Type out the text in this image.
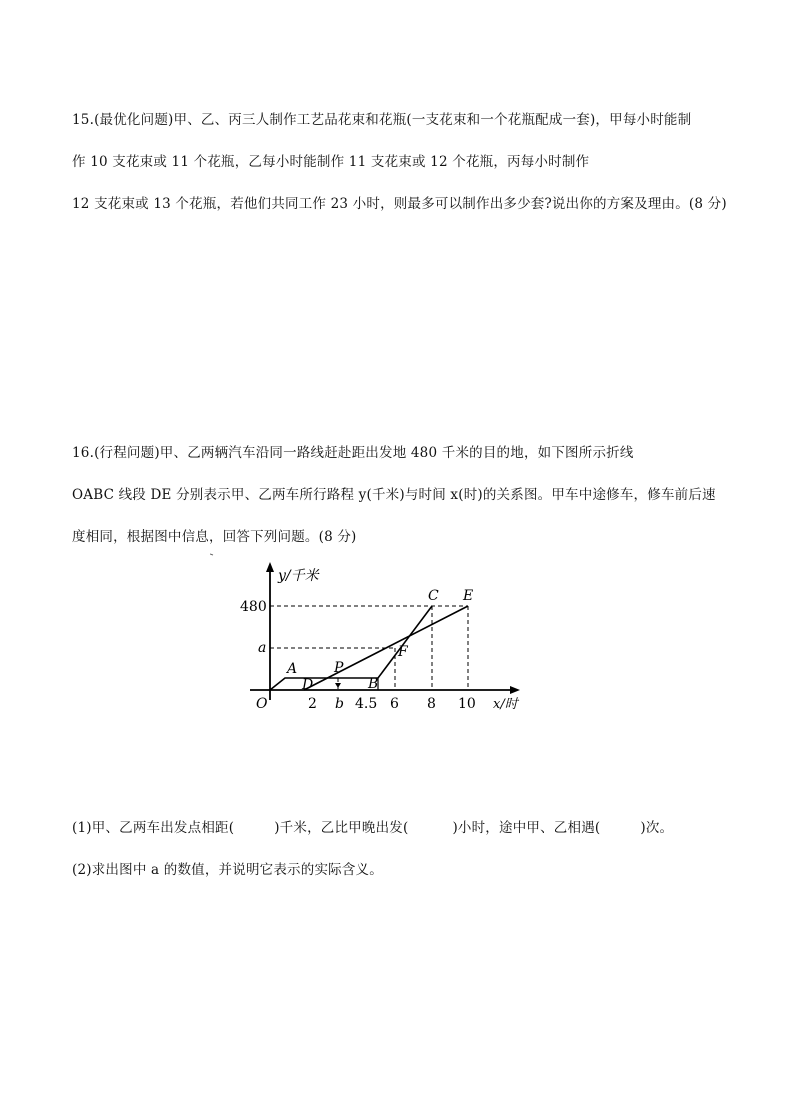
15.(最优化问题)甲、乙、丙三人制作工艺品花束和花瓶(一支花束和一个花瓶配成一套)，甲每小时能制
作 10 支花束或 11 个花瓶，乙每小时能制作 11 支花束或 12 个花瓶，丙每小时制作
12 支花束或 13 个花瓶，若他们共同工作 23 小时，则最多可以制作出多少套?说出你的方案及理由。(8 分)
16.(行程问题)甲、乙两辆汽车沿同一路线赶赴距出发地 480 千米的目的地，如下图所示折线
OABC 线段 DE 分别表示甲、乙两车所行路程 y(千米)与时间 x(时)的关系图。甲车中途修车，修车前后速
度相同，根据图中信息，回答下列问题。(8 分)
y/千米
x/时
O
480
a
2 b 4.5 6 8 10
A	P
D	B
F
C E
(1)甲、乙两车出发点相距(	)千米，乙比甲晚出发(	)小时，途中甲、乙相遇(	)次。
(2)求出图中 a 的数值，并说明它表示的实际含义。
